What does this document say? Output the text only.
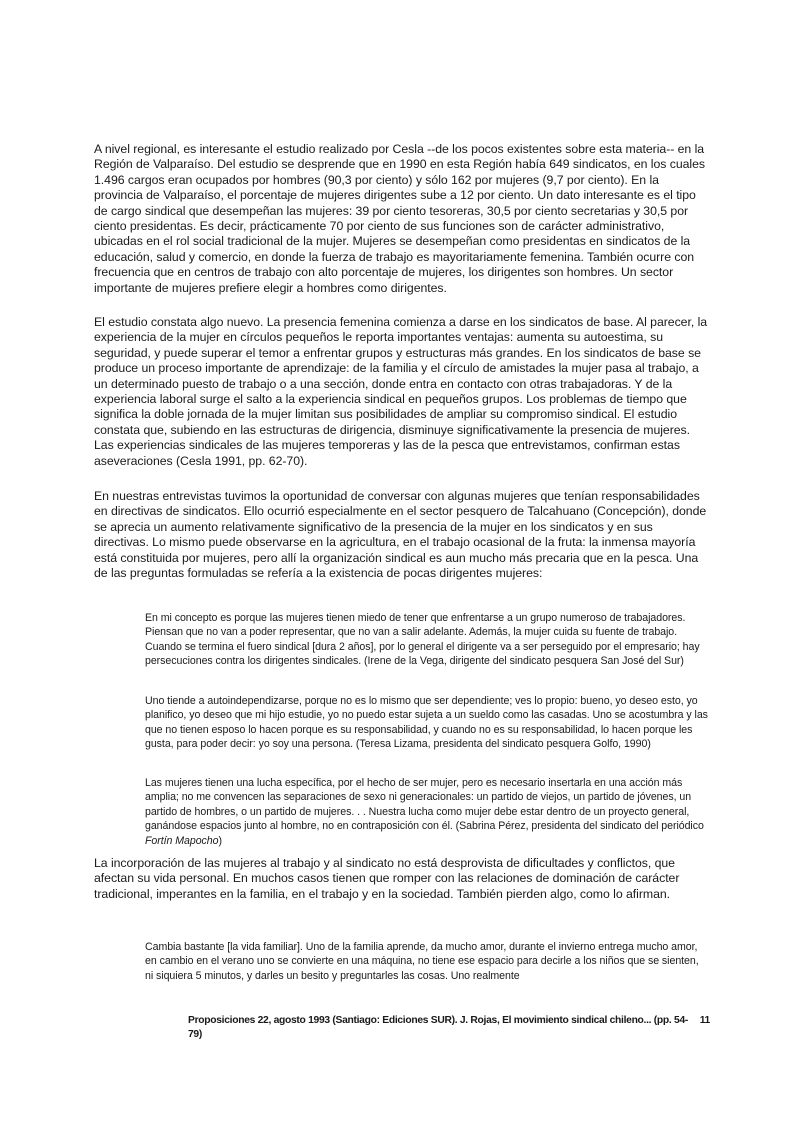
A nivel regional, es interesante el estudio realizado por Cesla --de los pocos existentes sobre esta materia-- en la Región de Valparaíso. Del estudio se desprende que en 1990 en esta Región había 649 sindicatos, en los cuales 1.496 cargos eran ocupados por hombres (90,3 por ciento) y sólo 162 por mujeres (9,7 por ciento). En la provincia de Valparaíso, el porcentaje de mujeres dirigentes sube a 12 por ciento. Un dato interesante es el tipo de cargo sindical que desempeñan las mujeres: 39 por ciento tesoreras, 30,5 por ciento secretarias y 30,5 por ciento presidentas. Es decir, prácticamente 70 por ciento de sus funciones son de carácter administrativo, ubicadas en el rol social tradicional de la mujer. Mujeres se desempeñan como presidentas en sindicatos de la educación, salud y comercio, en donde la fuerza de trabajo es mayoritariamente femenina. También ocurre con frecuencia que en centros de trabajo con alto porcentaje de mujeres, los dirigentes son hombres. Un sector importante de mujeres prefiere elegir a hombres como dirigentes.

El estudio constata algo nuevo. La presencia femenina comienza a darse en los sindicatos de base. Al parecer, la experiencia de la mujer en círculos pequeños le reporta importantes ventajas: aumenta su autoestima, su seguridad, y puede superar el temor a enfrentar grupos y estructuras más grandes. En los sindicatos de base se produce un proceso importante de aprendizaje: de la familia y el círculo de amistades la mujer pasa al trabajo, a un determinado puesto de trabajo o a una sección, donde entra en contacto con otras trabajadoras. Y de la experiencia laboral surge el salto a la experiencia sindical en pequeños grupos. Los problemas de tiempo que significa la doble jornada de la mujer limitan sus posibilidades de ampliar su compromiso sindical. El estudio constata que, subiendo en las estructuras de dirigencia, disminuye significativamente la presencia de mujeres. Las experiencias sindicales de las mujeres temporeras y las de la pesca que entrevistamos, confirman estas aseveraciones (Cesla 1991, pp. 62-70).

En nuestras entrevistas tuvimos la oportunidad de conversar con algunas mujeres que tenían responsabilidades en directivas de sindicatos. Ello ocurrió especialmente en el sector pesquero de Talcahuano (Concepción), donde se aprecia un aumento relativamente significativo de la presencia de la mujer en los sindicatos y en sus directivas. Lo mismo puede observarse en la agricultura, en el trabajo ocasional de la fruta: la inmensa mayoría está constituida por mujeres, pero allí la organización sindical es aun mucho más precaria que en la pesca. Una de las preguntas formuladas se refería a la existencia de pocas dirigentes mujeres:

En mi concepto es porque las mujeres tienen miedo de tener que enfrentarse a un grupo numeroso de trabajadores. Piensan que no van a poder representar, que no van a salir adelante. Además, la mujer cuida su fuente de trabajo. Cuando se termina el fuero sindical [dura 2 años], por lo general el dirigente va a ser perseguido por el empresario; hay persecuciones contra los dirigentes sindicales. (Irene de la Vega, dirigente del sindicato pesquera San José del Sur)

Uno tiende a autoindependizarse, porque no es lo mismo que ser dependiente; ves lo propio: bueno, yo deseo esto, yo planifico, yo deseo que mi hijo estudie, yo no puedo estar sujeta a un sueldo como las casadas. Uno se acostumbra y las que no tienen esposo lo hacen porque es su responsabilidad, y cuando no es su responsabilidad, lo hacen porque les gusta, para poder decir: yo soy una persona. (Teresa Lizama, presidenta del sindicato pesquera Golfo, 1990)

Las mujeres tienen una lucha específica, por el hecho de ser mujer, pero es necesario insertarla en una acción más amplia; no me convencen las separaciones de sexo ni generacionales: un partido de viejos, un partido de jóvenes, un partido de hombres, o un partido de mujeres. . . Nuestra lucha como mujer debe estar dentro de un proyecto general, ganándose espacios junto al hombre, no en contraposición con él. (Sabrina Pérez, presidenta del sindicato del periódico Fortín Mapocho)

La incorporación de las mujeres al trabajo y al sindicato no está desprovista de dificultades y conflictos, que afectan su vida personal. En muchos casos tienen que romper con las relaciones de dominación de carácter tradicional, imperantes en la familia, en el trabajo y en la sociedad. También pierden algo, como lo afirman.

Cambia bastante [la vida familiar]. Uno de la familia aprende, da mucho amor, durante el invierno entrega mucho amor, en cambio en el verano uno se convierte en una máquina, no tiene ese espacio para decirle a los niños que se sienten, ni siquiera 5 minutos, y darles un besito y preguntarles las cosas. Uno realmente

Proposiciones 22, agosto 1993 (Santiago: Ediciones SUR). J. Rojas, El movimiento sindical chileno... (pp. 54-79)
11
